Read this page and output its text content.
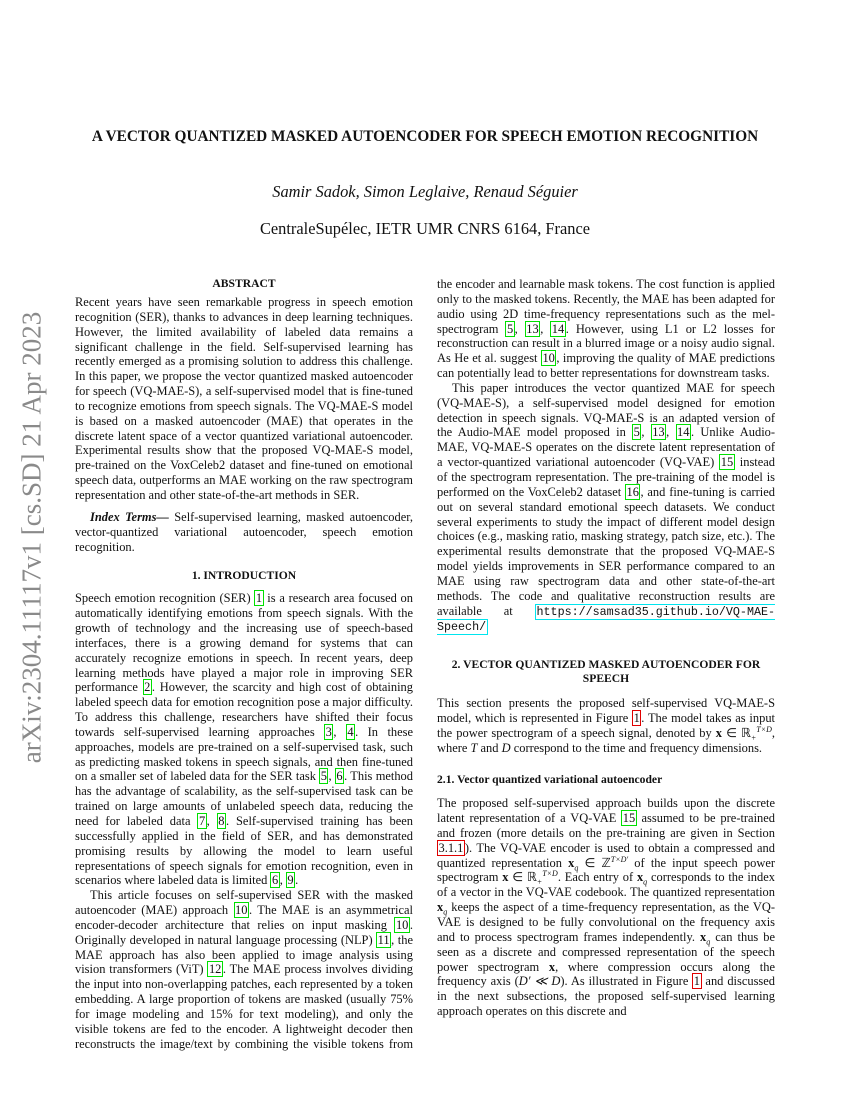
arXiv:2304.11117v1 [cs.SD] 21 Apr 2023
A VECTOR QUANTIZED MASKED AUTOENCODER FOR SPEECH EMOTION RECOGNITION
Samir Sadok, Simon Leglaive, Renaud Séguier
CentraleSupélec, IETR UMR CNRS 6164, France
ABSTRACT

Recent years have seen remarkable progress in speech emotion recognition (SER), thanks to advances in deep learning techniques. However, the limited availability of labeled data remains a significant challenge in the field. Self-supervised learning has recently emerged as a promising solution to address this challenge. In this paper, we propose the vector quantized masked autoencoder for speech (VQ-MAE-S), a self-supervised model that is fine-tuned to recognize emotions from speech signals. The VQ-MAE-S model is based on a masked autoencoder (MAE) that operates in the discrete latent space of a vector quantized variational autoencoder. Experimental results show that the proposed VQ-MAE-S model, pre-trained on the VoxCeleb2 dataset and fine-tuned on emotional speech data, outperforms an MAE working on the raw spectrogram representation and other state-of-the-art methods in SER.

Index Terms— Self-supervised learning, masked autoencoder, vector-quantized variational autoencoder, speech emotion recognition.

1. INTRODUCTION

Speech emotion recognition (SER) 1 is a research area focused on automatically identifying emotions from speech signals. With the growth of technology and the increasing use of speech-based interfaces, there is a growing demand for systems that can accurately recognize emotions in speech. In recent years, deep learning methods have played a major role in improving SER performance 2 . However, the scarcity and high cost of obtaining labeled speech data for emotion recognition pose a major difficulty. To address this challenge, researchers have shifted their focus towards self-supervised learning approaches 3 , 4 . In these approaches, models are pre-trained on a self-supervised task, such as predicting masked tokens in speech signals, and then fine-tuned on a smaller set of labeled data for the SER task 5 , 6 . This method has the advantage of scalability, as the self-supervised task can be trained on large amounts of unlabeled speech data, reducing the need for labeled data 7 , 8 . Self-supervised training has been successfully applied in the field of SER, and has demonstrated promising results by allowing the model to learn useful representations of speech signals for emotion recognition, even in scenarios where labeled data is limited 6 , 9 .

This article focuses on self-supervised SER with the masked autoencoder (MAE) approach 10 . The MAE is an asymmetrical encoder-decoder architecture that relies on input masking 10 . Originally developed in natural language processing (NLP) 11 , the MAE approach has also been applied to image analysis using vision transformers (ViT) 12 . The MAE process involves dividing the input into non-overlapping patches, each represented by a token embedding. A large proportion of tokens are masked (usually 75% for image modeling and 15% for text modeling), and only the visible tokens are fed to the encoder. A lightweight decoder then reconstructs the image/text by combining the visible tokens from

the encoder and learnable mask tokens. The cost function is applied only to the masked tokens. Recently, the MAE has been adapted for audio using 2D time-frequency representations such as the mel-spectrogram 5 , 13 , 14 . However, using L1 or L2 losses for reconstruction can result in a blurred image or a noisy audio signal. As He et al. suggest 10 , improving the quality of MAE predictions can potentially lead to better representations for downstream tasks.

This paper introduces the vector quantized MAE for speech (VQ-MAE-S), a self-supervised model designed for emotion detection in speech signals. VQ-MAE-S is an adapted version of the Audio-MAE model proposed in 5 , 13 , 14 . Unlike Audio-MAE, VQ-MAE-S operates on the discrete latent representation of a vector-quantized variational autoencoder (VQ-VAE) 15 instead of the spectrogram representation. The pre-training of the model is performed on the VoxCeleb2 dataset 16 , and fine-tuning is carried out on several standard emotional speech datasets. We conduct several experiments to study the impact of different model design choices (e.g., masking ratio, masking strategy, patch size, etc.). The experimental results demonstrate that the proposed VQ-MAE-S model yields improvements in SER performance compared to an MAE using raw spectrogram data and other state-of-the-art methods. The code and qualitative reconstruction results are available at https://samsad35.github.io/VQ-MAE-Speech/

2. VECTOR QUANTIZED MASKED AUTOENCODER FOR SPEECH

This section presents the proposed self-supervised VQ-MAE-S model, which is represented in Figure 1 . The model takes as input the power spectrogram of a speech signal, denoted by x ∈ ℝ$_+^{T\times D}$, where T and D correspond to the time and frequency dimensions.

2.1. Vector quantized variational autoencoder

The proposed self-supervised approach builds upon the discrete latent representation of a VQ-VAE 15 assumed to be pre-trained and frozen (more details on the pre-training are given in Section 3.1.1 ). The VQ-VAE encoder is used to obtain a compressed and quantized representation $x_q$ ∈ ℤ$^{T\times D'}$ of the input speech power spectrogram x ∈ ℝ$_+^{T\times D}$. Each entry of $x_q$ corresponds to the index of a vector in the VQ-VAE codebook. The quantized representation $x_q$ keeps the aspect of a time-frequency representation, as the VQ-VAE is designed to be fully convolutional on the frequency axis and to process spectrogram frames independently. $x_q$ can thus be seen as a discrete and compressed representation of the speech power spectrogram x, where compression occurs along the frequency axis (D′ ≪ D). As illustrated in Figure 1 and discussed in the next subsections, the proposed self-supervised learning approach operates on this discrete and
